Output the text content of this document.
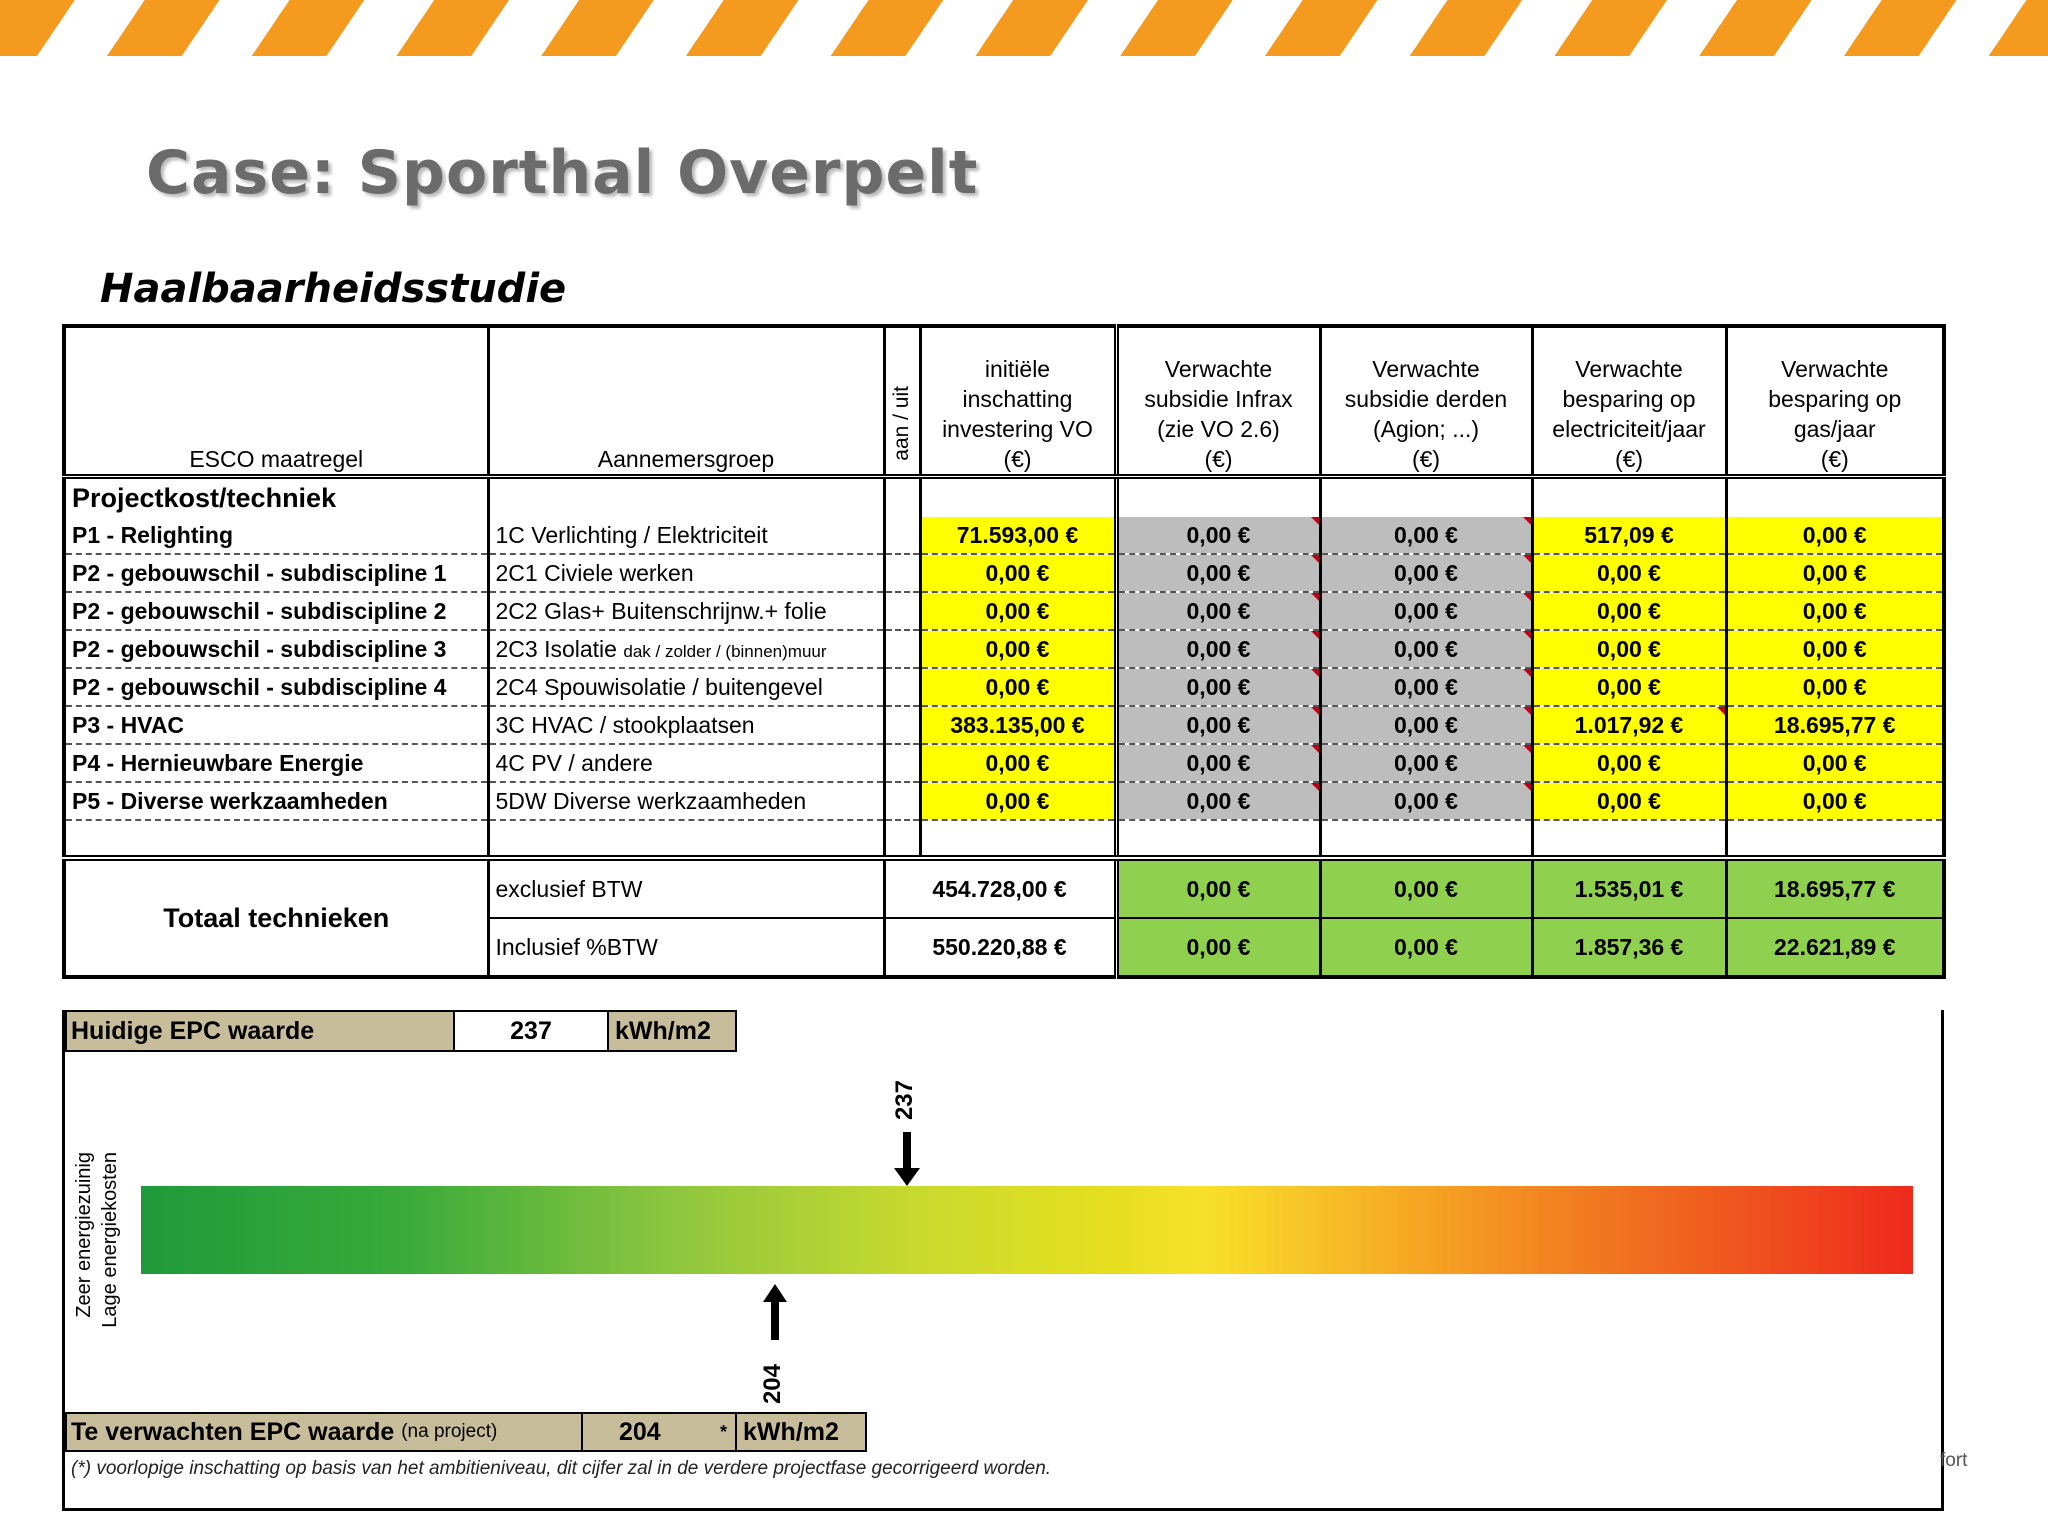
Case: Sporthal Overpelt
Haalbaarheidsstudie
ESCO maatregel	Aannemersgroep	aan / uit	initiële
inschatting
investering VO
(€)	Verwachte
subsidie Infrax
(zie VO 2.6)
(€)	Verwachte
subsidie derden
(Agion; ...)
(€)	Verwachte
besparing op
electriciteit/jaar
(€)	Verwachte
besparing op
gas/jaar
(€)
Projectkost/techniek							
P1 - Relighting	1C Verlichting / Elektriciteit		71.593,00 €	0,00 €	0,00 €	517,09 €	0,00 €
P2 - gebouwschil - subdiscipline 1	2C1 Civiele werken		0,00 €	0,00 €	0,00 €	0,00 €	0,00 €
P2 - gebouwschil - subdiscipline 2	2C2 Glas+ Buitenschrijnw.+ folie		0,00 €	0,00 €	0,00 €	0,00 €	0,00 €
P2 - gebouwschil - subdiscipline 3	2C3 Isolatie dak / zolder / (binnen)muur		0,00 €	0,00 €	0,00 €	0,00 €	0,00 €
P2 - gebouwschil - subdiscipline 4	2C4 Spouwisolatie / buitengevel		0,00 €	0,00 €	0,00 €	0,00 €	0,00 €
P3 - HVAC	3C HVAC / stookplaatsen		383.135,00 €	0,00 €	0,00 €	1.017,92 €	18.695,77 €
P4 - Hernieuwbare Energie	4C PV / andere		0,00 €	0,00 €	0,00 €	0,00 €	0,00 €
P5 - Diverse werkzaamheden	5DW Diverse werkzaamheden		0,00 €	0,00 €	0,00 €	0,00 €	0,00 €

Totaal technieken	exclusief BTW	454.728,00 €		0,00 €	0,00 €	1.535,01 €	18.695,77 €
	Inclusief %BTW	550.220,88 €		0,00 €	0,00 €	1.857,36 €	22.621,89 €
Huidige EPC waarde	237	kWh/m2
Zeer energiezuinig Lage energiekosten
237
204
Te verwachten EPC waarde
(na project)	204	* kWh/m2
(*) voorlopige inschatting op basis van het ambitieniveau, dit cijfer zal in de verdere projectfase gecorrigeerd worden.	fort
